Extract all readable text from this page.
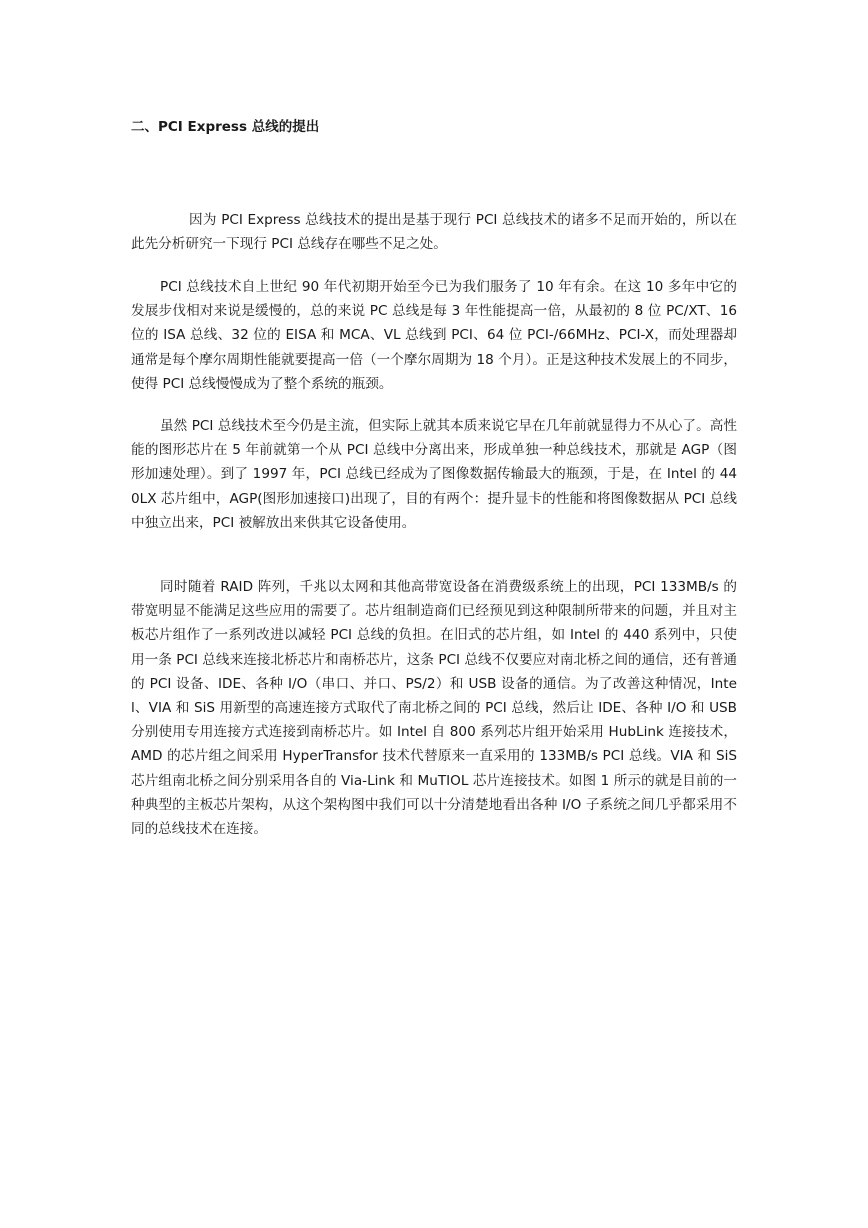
二、PCI Express 总线的提出

因为 PCI Express 总线技术的提出是基于现行 PCI 总线技术的诸多不足而开始的，所以在此先分析研究一下现行 PCI 总线存在哪些不足之处。

PCI 总线技术自上世纪 90 年代初期开始至今已为我们服务了 10 年有余。在这 10 多年中它的发展步伐相对来说是缓慢的，总的来说 PC 总线是每 3 年性能提高一倍，从最初的 8 位 PC/XT、16 位的 ISA 总线、32 位的 EISA 和 MCA、VL 总线到 PCI、64 位 PCI-/66MHz、PCI-X，而处理器却通常是每个摩尔周期性能就要提高一倍（一个摩尔周期为 18 个月）。正是这种技术发展上的不同步，使得 PCI 总线慢慢成为了整个系统的瓶颈。

虽然 PCI 总线技术至今仍是主流，但实际上就其本质来说它早在几年前就显得力不从心了。高性能的图形芯片在 5 年前就第一个从 PCI 总线中分离出来，形成单独一种总线技术，那就是 AGP（图形加速处理）。到了 1997 年，PCI 总线已经成为了图像数据传输最大的瓶颈，于是，在 Intel 的 440LX 芯片组中，AGP(图形加速接口)出现了，目的有两个：提升显卡的性能和将图像数据从 PCI 总线中独立出来，PCI 被解放出来供其它设备使用。

同时随着 RAID 阵列，千兆以太网和其他高带宽设备在消费级系统上的出现，PCI 133MB/s 的带宽明显不能满足这些应用的需要了。芯片组制造商们已经预见到这种限制所带来的问题，并且对主板芯片组作了一系列改进以减轻 PCI 总线的负担。在旧式的芯片组，如 Intel 的 440 系列中，只使用一条 PCI 总线来连接北桥芯片和南桥芯片，这条 PCI 总线不仅要应对南北桥之间的通信，还有普通的 PCI 设备、IDE、各种 I/O（串口、并口、PS/2）和 USB 设备的通信。为了改善这种情况，Intel、VIA 和 SiS 用新型的高速连接方式取代了南北桥之间的 PCI 总线，然后让 IDE、各种 I/O 和 USB 分别使用专用连接方式连接到南桥芯片。如 Intel 自 800 系列芯片组开始采用 HubLink 连接技术，AMD 的芯片组之间采用 HyperTransfor 技术代替原来一直采用的 133MB/s PCI 总线。VIA 和 SiS 芯片组南北桥之间分别采用各自的 Via-Link 和 MuTIOL 芯片连接技术。如图 1 所示的就是目前的一种典型的主板芯片架构，从这个架构图中我们可以十分清楚地看出各种 I/O 子系统之间几乎都采用不同的总线技术在连接。
